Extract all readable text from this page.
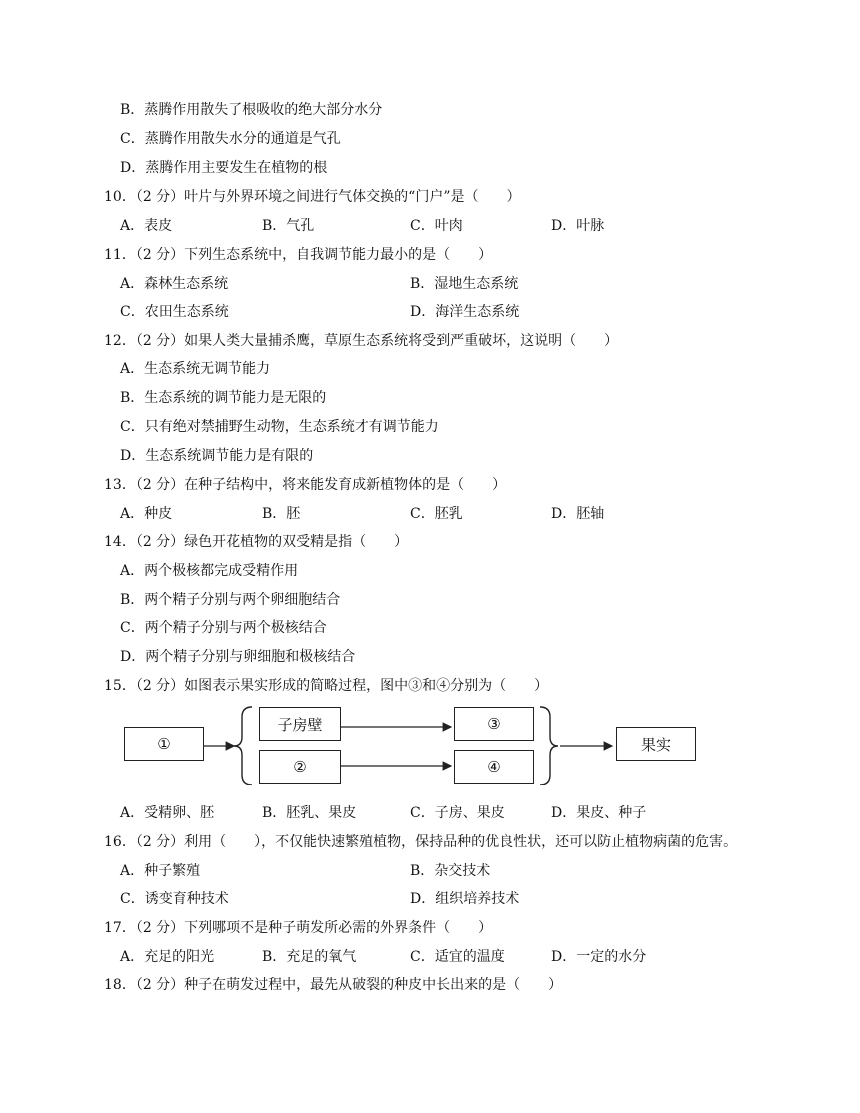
B．蒸腾作用散失了根吸收的绝大部分水分
C．蒸腾作用散失水分的通道是气孔
D．蒸腾作用主要发生在植物的根
10．（2 分）叶片与外界环境之间进行气体交换的“门户”是（　　）
A．表皮	B．气孔	C．叶肉	D．叶脉
11．（2 分）下列生态系统中，自我调节能力最小的是（　　）
A．森林生态系统	B．湿地生态系统
C．农田生态系统	D．海洋生态系统
12．（2 分）如果人类大量捕杀鹰，草原生态系统将受到严重破坏，这说明（　　）
A．生态系统无调节能力
B．生态系统的调节能力是无限的
C．只有绝对禁捕野生动物，生态系统才有调节能力
D．生态系统调节能力是有限的
13．（2 分）在种子结构中，将来能发育成新植物体的是（　　）
A．种皮	B．胚	C．胚乳	D．胚轴
14．（2 分）绿色开花植物的双受精是指（　　）
A．两个极核都完成受精作用
B．两个精子分别与两个卵细胞结合
C．两个精子分别与两个极核结合
D．两个精子分别与卵细胞和极核结合
15．（2 分）如图表示果实形成的简略过程，图中③和④分别为（　　）
①
子房壁
②
③
④
果实
A．受精卵、胚	B．胚乳、果皮	C．子房、果皮	D．果皮、种子
16．（2 分）利用（　　），不仅能快速繁殖植物，保持品种的优良性状，还可以防止植物病菌的危害。
A．种子繁殖	B．杂交技术
C．诱变育种技术	D．组织培养技术
17．（2 分）下列哪项不是种子萌发所必需的外界条件（　　）
A．充足的阳光	B．充足的氧气	C．适宜的温度	D．一定的水分
18．（2 分）种子在萌发过程中，最先从破裂的种皮中长出来的是（　　）
